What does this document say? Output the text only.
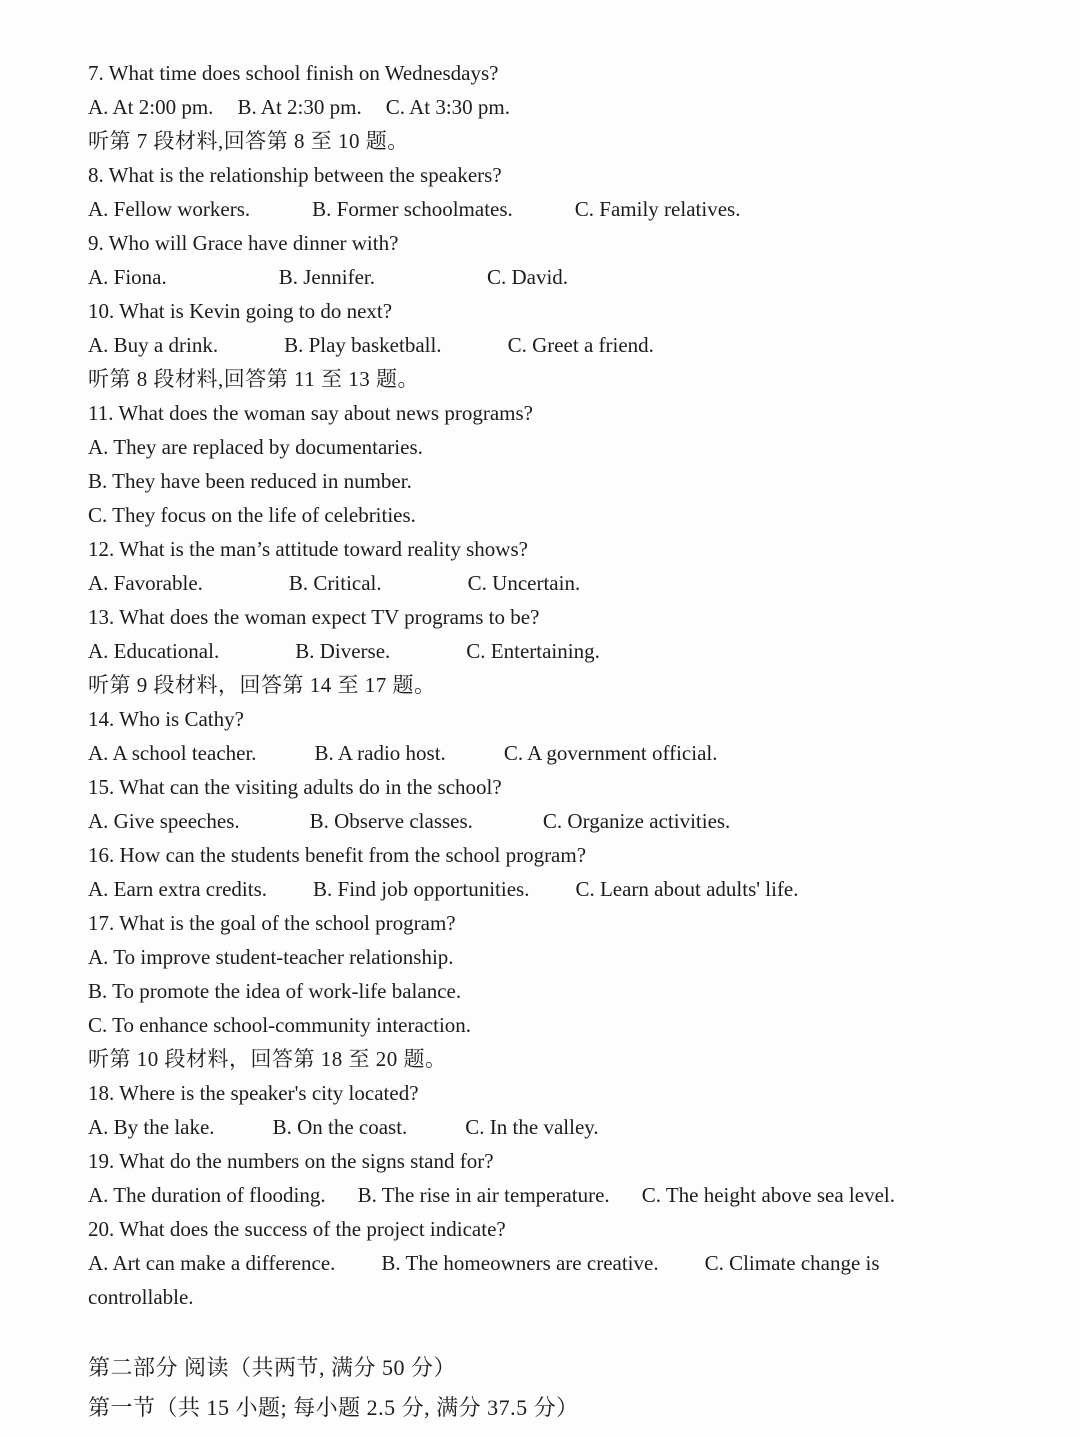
7. What time does school finish on Wednesdays?
A. At 2:00 pm. B. At 2:30 pm. C. At 3:30 pm.
听第 7 段材料,回答第 8 至 10 题。
8. What is the relationship between the speakers?
A. Fellow workers.	B. Former schoolmates.	C. Family relatives.
9. Who will Grace have dinner with?
A. Fiona.	B. Jennifer.	C. David.
10. What is Kevin going to do next?
A. Buy a drink.	B. Play basketball.	C. Greet a friend.
听第 8 段材料,回答第 11 至 13 题。
11. What does the woman say about news programs?
A. They are replaced by documentaries.
B. They have been reduced in number.
C. They focus on the life of celebrities.
12. What is the man’s attitude toward reality shows?
A. Favorable.	B. Critical.	C. Uncertain.
13. What does the woman expect TV programs to be?
A. Educational.	B. Diverse.	C. Entertaining.
听第 9 段材料，回答第 14 至 17 题。
14. Who is Cathy?
A. A school teacher.	B. A radio host.	C. A government official.
15. What can the visiting adults do in the school?
A. Give speeches.	B. Observe classes.	C. Organize activities.
16. How can the students benefit from the school program?
A. Earn extra credits. B. Find job opportunities. C. Learn about adults' life.
17. What is the goal of the school program?
A. To improve student-teacher relationship.
B. To promote the idea of work-life balance.
C. To enhance school-community interaction.
听第 10 段材料，回答第 18 至 20 题。
18. Where is the speaker's city located?
A. By the lake.	B. On the coast.	C. In the valley.
19. What do the numbers on the signs stand for?
A. The duration of flooding. B. The rise in air temperature. C. The height above sea level.
20. What does the success of the project indicate?
A. Art can make a difference. B. The homeowners are creative. C. Climate change is
controllable.
第二部分 阅读（共两节, 满分 50 分）
第一节（共 15 小题; 每小题 2.5 分, 满分 37.5 分）
